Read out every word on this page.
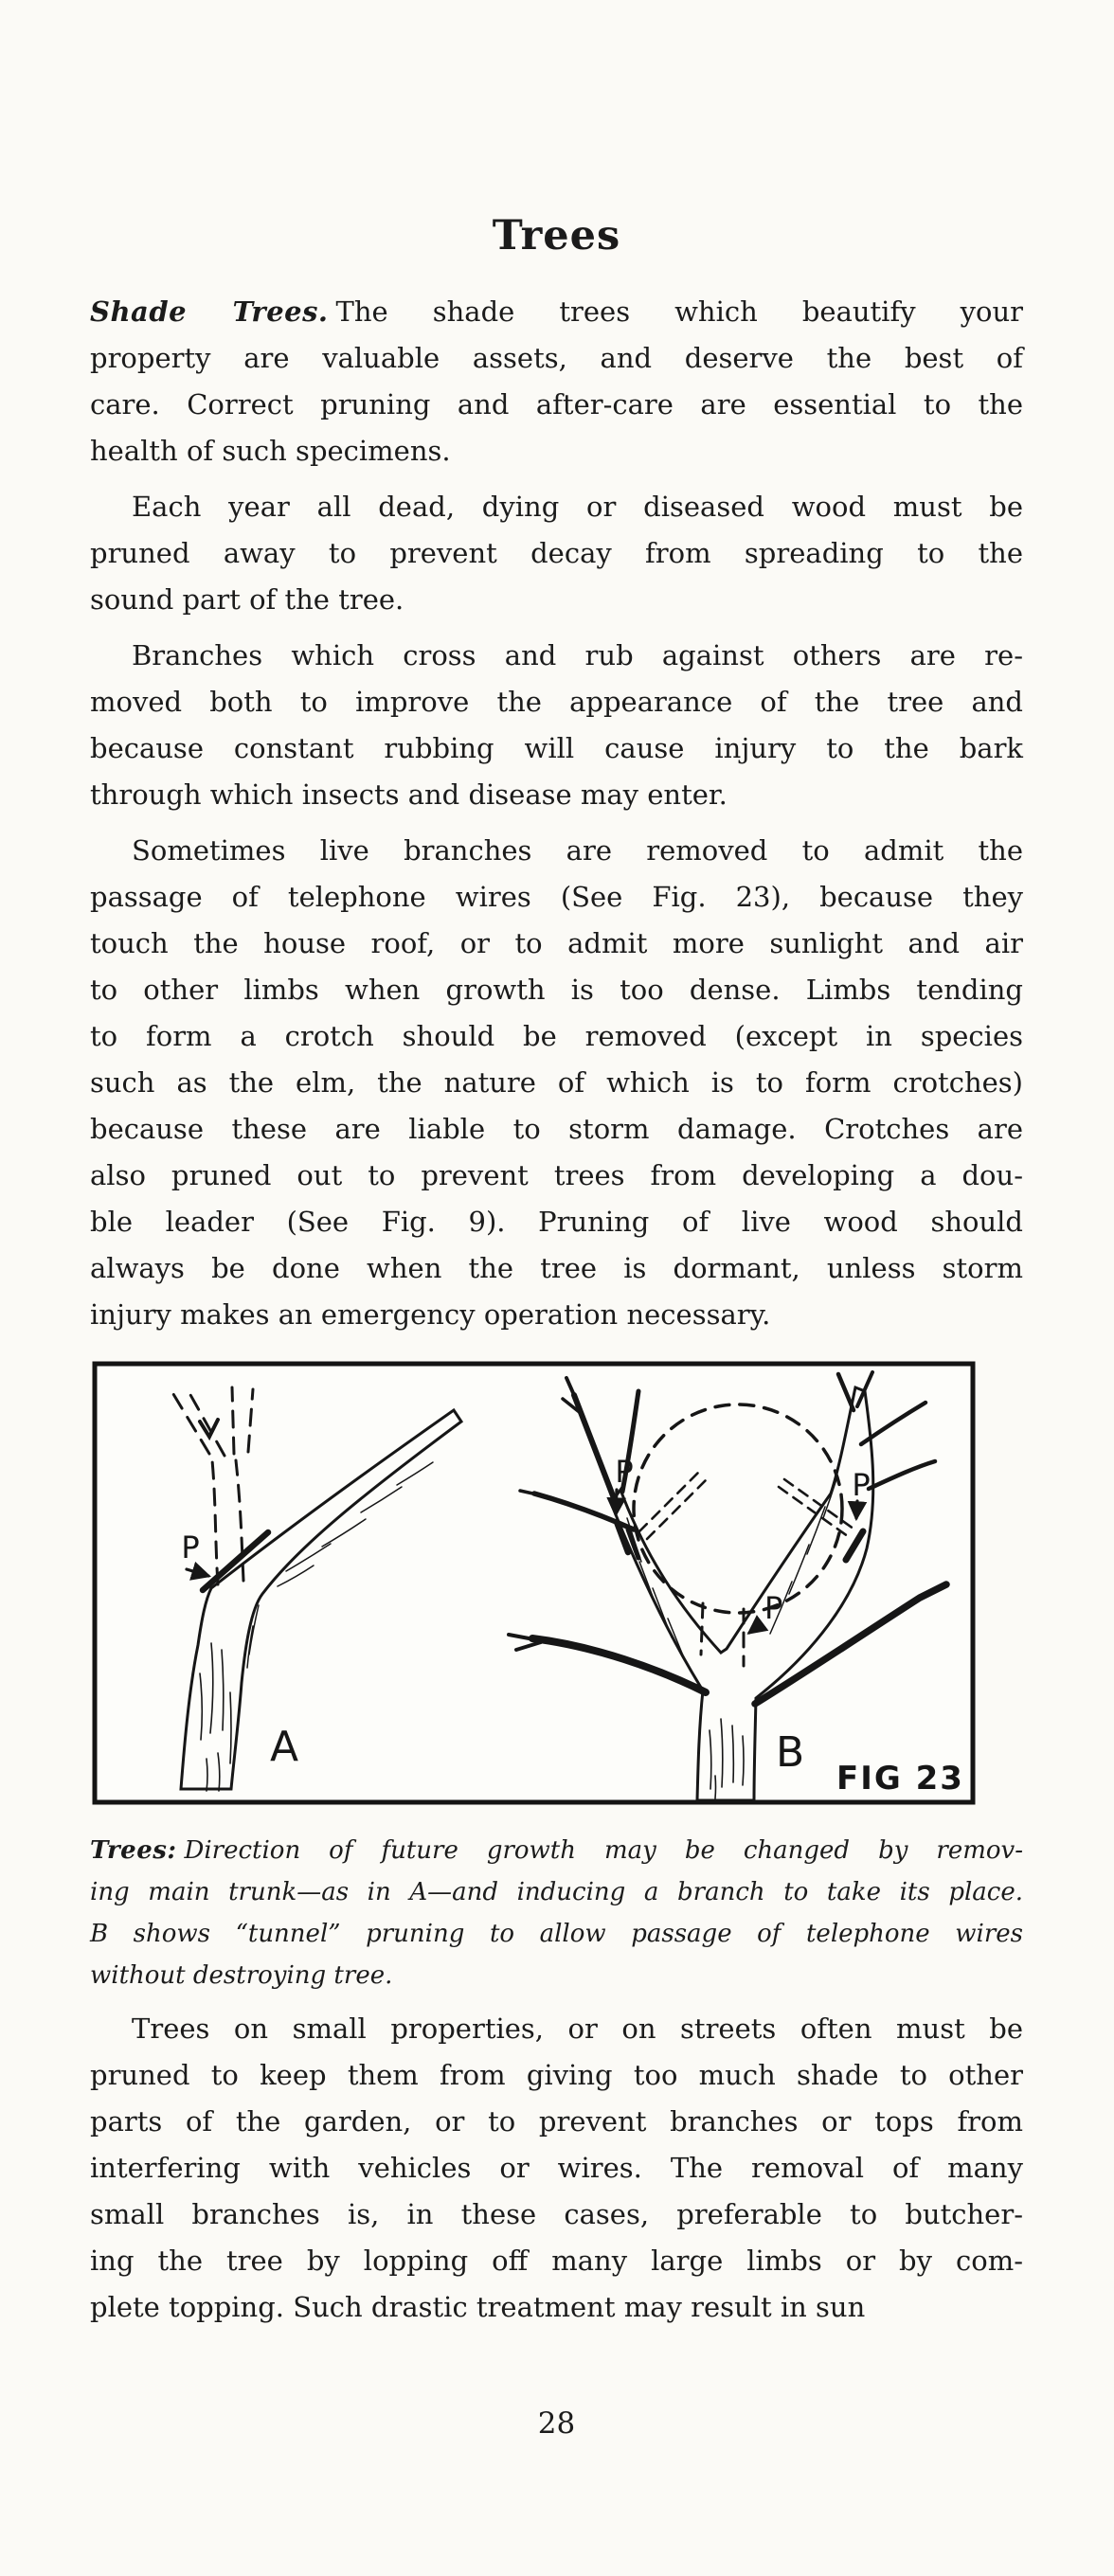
Trees
Shade Trees. The shade trees which beautify your
property are valuable assets, and deserve the best of
care. Correct pruning and after-care are essential to the
health of such specimens.
Each year all dead, dying or diseased wood must be
pruned away to prevent decay from spreading to the
sound part of the tree.
Branches which cross and rub against others are re-
moved both to improve the appearance of the tree and
because constant rubbing will cause injury to the bark
through which insects and disease may enter.
Sometimes live branches are removed to admit the
passage of telephone wires (See Fig. 23), because they
touch the house roof, or to admit more sunlight and air
to other limbs when growth is too dense. Limbs tending
to form a crotch should be removed (except in species
such as the elm, the nature of which is to form crotches)
because these are liable to storm damage. Crotches are
also pruned out to prevent trees from developing a dou-
ble leader (See Fig. 9). Pruning of live wood should
always be done when the tree is dormant, unless storm
injury makes an emergency operation necessary.
P
A
P	P
P
B
FIG 23
Trees: Direction of future growth may be changed by remov-
ing main trunk—as in A—and inducing a branch to take its place.
B shows “tunnel” pruning to allow passage of telephone wires
without destroying tree.
Trees on small properties, or on streets often must be
pruned to keep them from giving too much shade to other
parts of the garden, or to prevent branches or tops from
interfering with vehicles or wires. The removal of many
small branches is, in these cases, preferable to butcher-
ing the tree by lopping off many large limbs or by com-
plete topping. Such drastic treatment may result in sun
28
